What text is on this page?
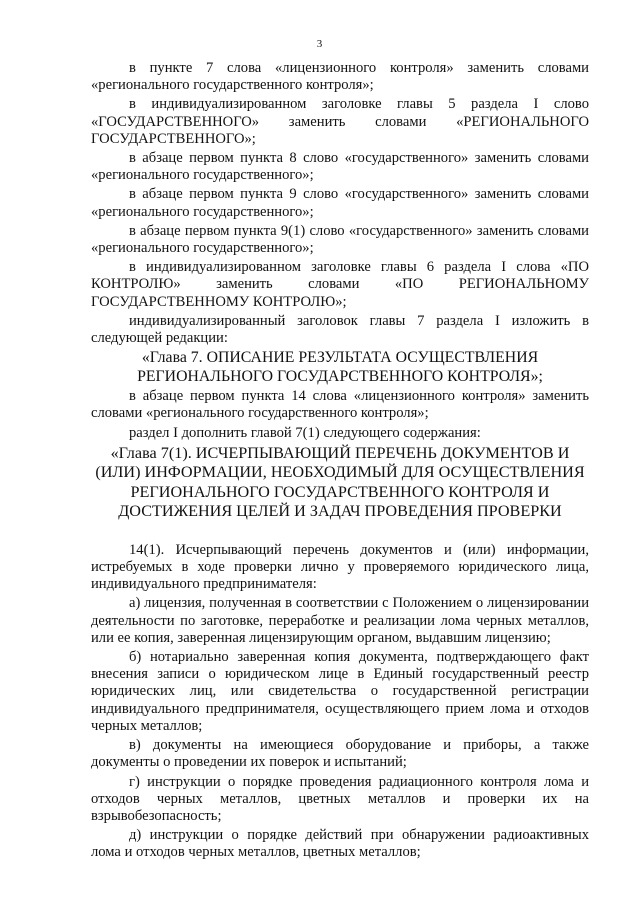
3

в пункте 7 слова «лицензионного контроля» заменить словами «регионального государственного контроля»;

в индивидуализированном заголовке главы 5 раздела I слово «ГОСУДАРСТВЕННОГО» заменить словами «РЕГИОНАЛЬНОГО ГОСУДАРСТВЕННОГО»;

в абзаце первом пункта 8 слово «государственного» заменить словами «регионального государственного»;

в абзаце первом пункта 9 слово «государственного» заменить словами «регионального государственного»;

в абзаце первом пункта 9(1) слово «государственного» заменить словами «регионального государственного»;

в индивидуализированном заголовке главы 6 раздела I слова «ПО КОНТРОЛЮ» заменить словами «ПО РЕГИОНАЛЬНОМУ ГОСУДАРСТВЕННОМУ КОНТРОЛЮ»;

индивидуализированный заголовок главы 7 раздела I изложить в следующей редакции:

«Глава 7. ОПИСАНИЕ РЕЗУЛЬТАТА ОСУЩЕСТВЛЕНИЯ РЕГИОНАЛЬНОГО ГОСУДАРСТВЕННОГО КОНТРОЛЯ»;

в абзаце первом пункта 14 слова «лицензионного контроля» заменить словами «регионального государственного контроля»;

раздел I дополнить главой 7(1) следующего содержания:

«Глава 7(1). ИСЧЕРПЫВАЮЩИЙ ПЕРЕЧЕНЬ ДОКУМЕНТОВ И (ИЛИ) ИНФОРМАЦИИ, НЕОБХОДИМЫЙ ДЛЯ ОСУЩЕСТВЛЕНИЯ РЕГИОНАЛЬНОГО ГОСУДАРСТВЕННОГО КОНТРОЛЯ И ДОСТИЖЕНИЯ ЦЕЛЕЙ И ЗАДАЧ ПРОВЕДЕНИЯ ПРОВЕРКИ

14(1). Исчерпывающий перечень документов и (или) информации, истребуемых в ходе проверки лично у проверяемого юридического лица, индивидуального предпринимателя:

а) лицензия, полученная в соответствии с Положением о лицензировании деятельности по заготовке, переработке и реализации лома черных металлов, или ее копия, заверенная лицензирующим органом, выдавшим лицензию;

б) нотариально заверенная копия документа, подтверждающего факт внесения записи о юридическом лице в Единый государственный реестр юридических лиц, или свидетельства о государственной регистрации индивидуального предпринимателя, осуществляющего прием лома и отходов черных металлов;

в) документы на имеющиеся оборудование и приборы, а также документы о проведении их поверок и испытаний;

г) инструкции о порядке проведения радиационного контроля лома и отходов черных металлов, цветных металлов и проверки их на взрывобезопасность;

д) инструкции о порядке действий при обнаружении радиоактивных лома и отходов черных металлов, цветных металлов;
